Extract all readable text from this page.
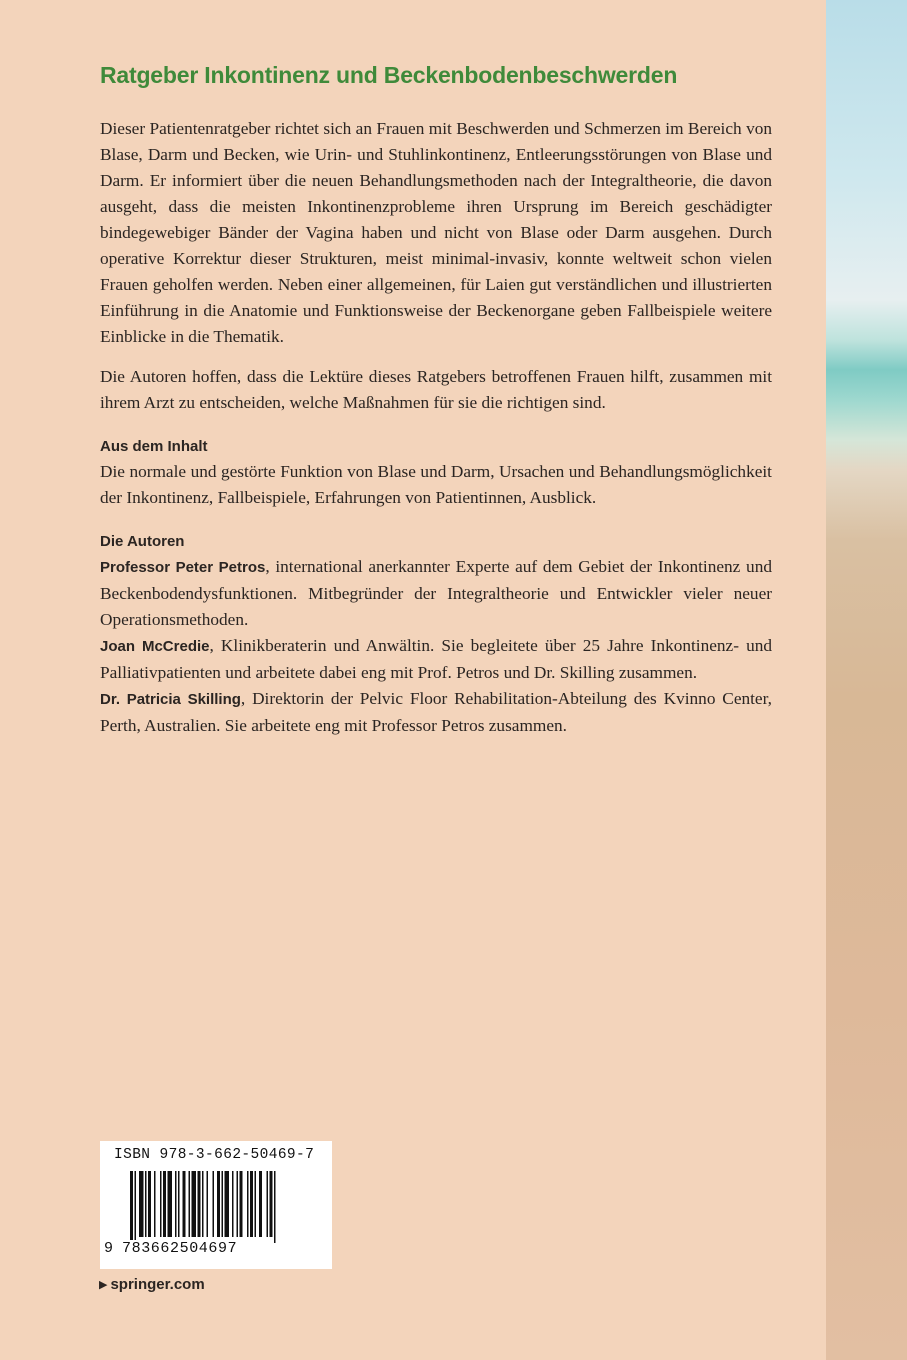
Ratgeber Inkontinenz und Beckenbodenbeschwerden

Dieser Patientenratgeber richtet sich an Frauen mit Beschwerden und Schmerzen im Bereich von Blase, Darm und Becken, wie Urin- und Stuhlinkontinenz, Entleerungsstörungen von Blase und Darm. Er informiert über die neuen Behandlungsmethoden nach der Integraltheorie, die davon ausgeht, dass die meisten Inkontinenzprobleme ihren Ursprung im Bereich geschädigter bindegewebiger Bänder der Vagina haben und nicht von Blase oder Darm ausgehen. Durch operative Korrektur dieser Strukturen, meist minimal-invasiv, konnte weltweit schon vielen Frauen geholfen werden. Neben einer allgemeinen, für Laien gut verständlichen und illustrierten Einführung in die Anatomie und Funktionsweise der Beckenorgane geben Fallbeispiele weitere Einblicke in die Thematik.

Die Autoren hoffen, dass die Lektüre dieses Ratgebers betroffenen Frauen hilft, zusammen mit ihrem Arzt zu entscheiden, welche Maßnahmen für sie die richtigen sind.

Aus dem Inhalt

Die normale und gestörte Funktion von Blase und Darm, Ursachen und Behandlungsmöglichkeit der Inkontinenz, Fallbeispiele, Erfahrungen von Patientinnen, Ausblick.

Die Autoren

Professor Peter Petros, international anerkannter Experte auf dem Gebiet der Inkontinenz und Beckenbodendysfunktionen. Mitbegründer der Integraltheorie und Entwickler vieler neuer Operationsmethoden.

Joan McCredie, Klinikberaterin und Anwältin. Sie begleitete über 25 Jahre Inkontinenz- und Palliativpatienten und arbeitete dabei eng mit Prof. Petros und Dr. Skilling zusammen.

Dr. Patricia Skilling, Direktorin der Pelvic Floor Rehabilitation-Abteilung des Kvinno Center, Perth, Australien. Sie arbeitete eng mit Professor Petros zusammen.

ISBN 978-3-662-50469-7
9 783662504697
▶ springer.com
